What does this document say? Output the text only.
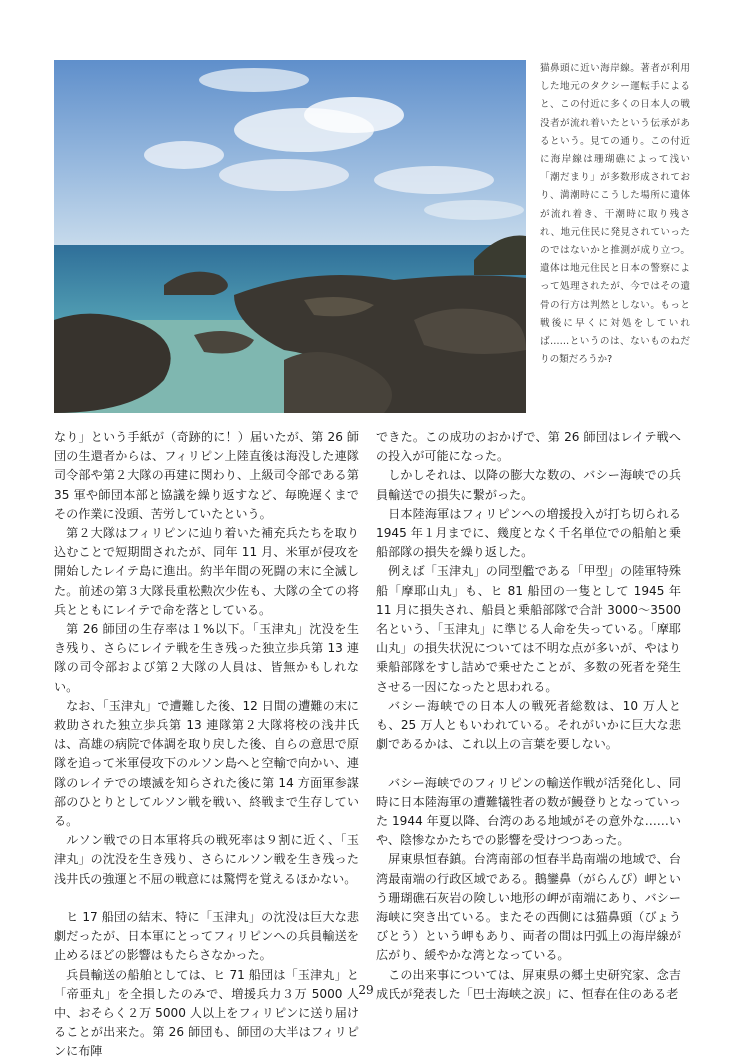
猫鼻頭に近い海岸線。著者が利用した地元のタクシー運転手によると、この付近に多くの日本人の戦没者が流れ着いたという伝承があるという。見ての通り。この付近に海岸線は珊瑚礁によって浅い「潮だまり」が多数形成されており、満潮時にこうした場所に遺体が流れ着き、干潮時に取り残され、地元住民に発見されていったのではないかと推測が成り立つ。遺体は地元住民と日本の警察によって処理されたが、今ではその遺骨の行方は判然としない。もっと戦後に早くに対処をしていれば……というのは、ないものねだりの類だろうか?

なり」という手紙が（奇跡的に！）届いたが、第 26 師団の生還者からは、フィリピン上陸直後は海没した連隊司令部や第２大隊の再建に関わり、上級司令部である第 35 軍や師団本部と協議を繰り返すなど、毎晩遅くまでその作業に没頭、苦労していたという。

第２大隊はフィリピンに辿り着いた補充兵たちを取り込むことで短期間されたが、同年 11 月、米軍が侵攻を開始したレイテ島に進出。約半年間の死闘の末に全滅した。前述の第３大隊長重松勲次少佐も、大隊の全ての将兵とともにレイテで命を落としている。

第 26 師団の生存率は１%以下。「玉津丸」沈没を生き残り、さらにレイテ戦を生き残った独立歩兵第 13 連隊の司令部および第２大隊の人員は、皆無かもしれない。

なお、「玉津丸」で遭難した後、12 日間の遭難の末に救助された独立歩兵第 13 連隊第２大隊将校の浅井氏は、高雄の病院で体調を取り戻した後、自らの意思で原隊を追って米軍侵攻下のルソン島へと空輸で向かい、連隊のレイテでの壊滅を知らされた後に第 14 方面軍参謀部のひとりとしてルソン戦を戦い、終戦まで生存している。

ルソン戦での日本軍将兵の戦死率は９割に近く、「玉津丸」の沈没を生き残り、さらにルソン戦を生き残った浅井氏の強運と不屈の戦意には驚愕を覚えるほかない。

ヒ 17 船団の結末、特に「玉津丸」の沈没は巨大な悲劇だったが、日本軍にとってフィリピンへの兵員輸送を止めるほどの影響はもたらさなかった。

兵員輸送の船舶としては、ヒ 71 船団は「玉津丸」と「帝亜丸」を全損したのみで、増援兵力３万 5000 人中、おそらく２万 5000 人以上をフィリピンに送り届けることが出来た。第 26 師団も、師団の大半はフィリピンに布陣

できた。この成功のおかげで、第 26 師団はレイテ戦への投入が可能になった。

しかしそれは、以降の膨大な数の、バシー海峡での兵員輸送での損失に繋がった。

日本陸海軍はフィリピンへの増援投入が打ち切られる 1945 年１月までに、幾度となく千名単位での船舶と乗船部隊の損失を繰り返した。

例えば「玉津丸」の同型艦である「甲型」の陸軍特殊船「摩耶山丸」も、ヒ 81 船団の一隻として 1945 年 11 月に損失され、船員と乗船部隊で合計 3000～3500 名という、「玉津丸」に準じる人命を失っている。「摩耶山丸」の損失状況については不明な点が多いが、やはり乗船部隊をすし詰めで乗せたことが、多数の死者を発生させる一因になったと思われる。

バシー海峡での日本人の戦死者総数は、10 万人とも、25 万人ともいわれている。それがいかに巨大な悲劇であるかは、これ以上の言葉を要しない。

バシー海峡でのフィリピンの輸送作戦が活発化し、同時に日本陸海軍の遭難犠牲者の数が鰻登りとなっていった 1944 年夏以降、台湾のある地域がその意外な……いや、陰惨なかたちでの影響を受けつつあった。

屏東県恒春鎮。台湾南部の恒春半島南端の地域で、台湾最南端の行政区域である。鵝鑾鼻（がらんぴ）岬という珊瑚礁石灰岩の険しい地形の岬が南端にあり、バシー海峡に突き出ている。またその西側には猫鼻頭（びょうびとう）という岬もあり、両者の間は円弧上の海岸線が広がり、緩やかな湾となっている。

この出来事については、屏東県の郷土史研究家、念吉成氏が発表した「巴士海峡之涙」に、恒春在住のある老

29
